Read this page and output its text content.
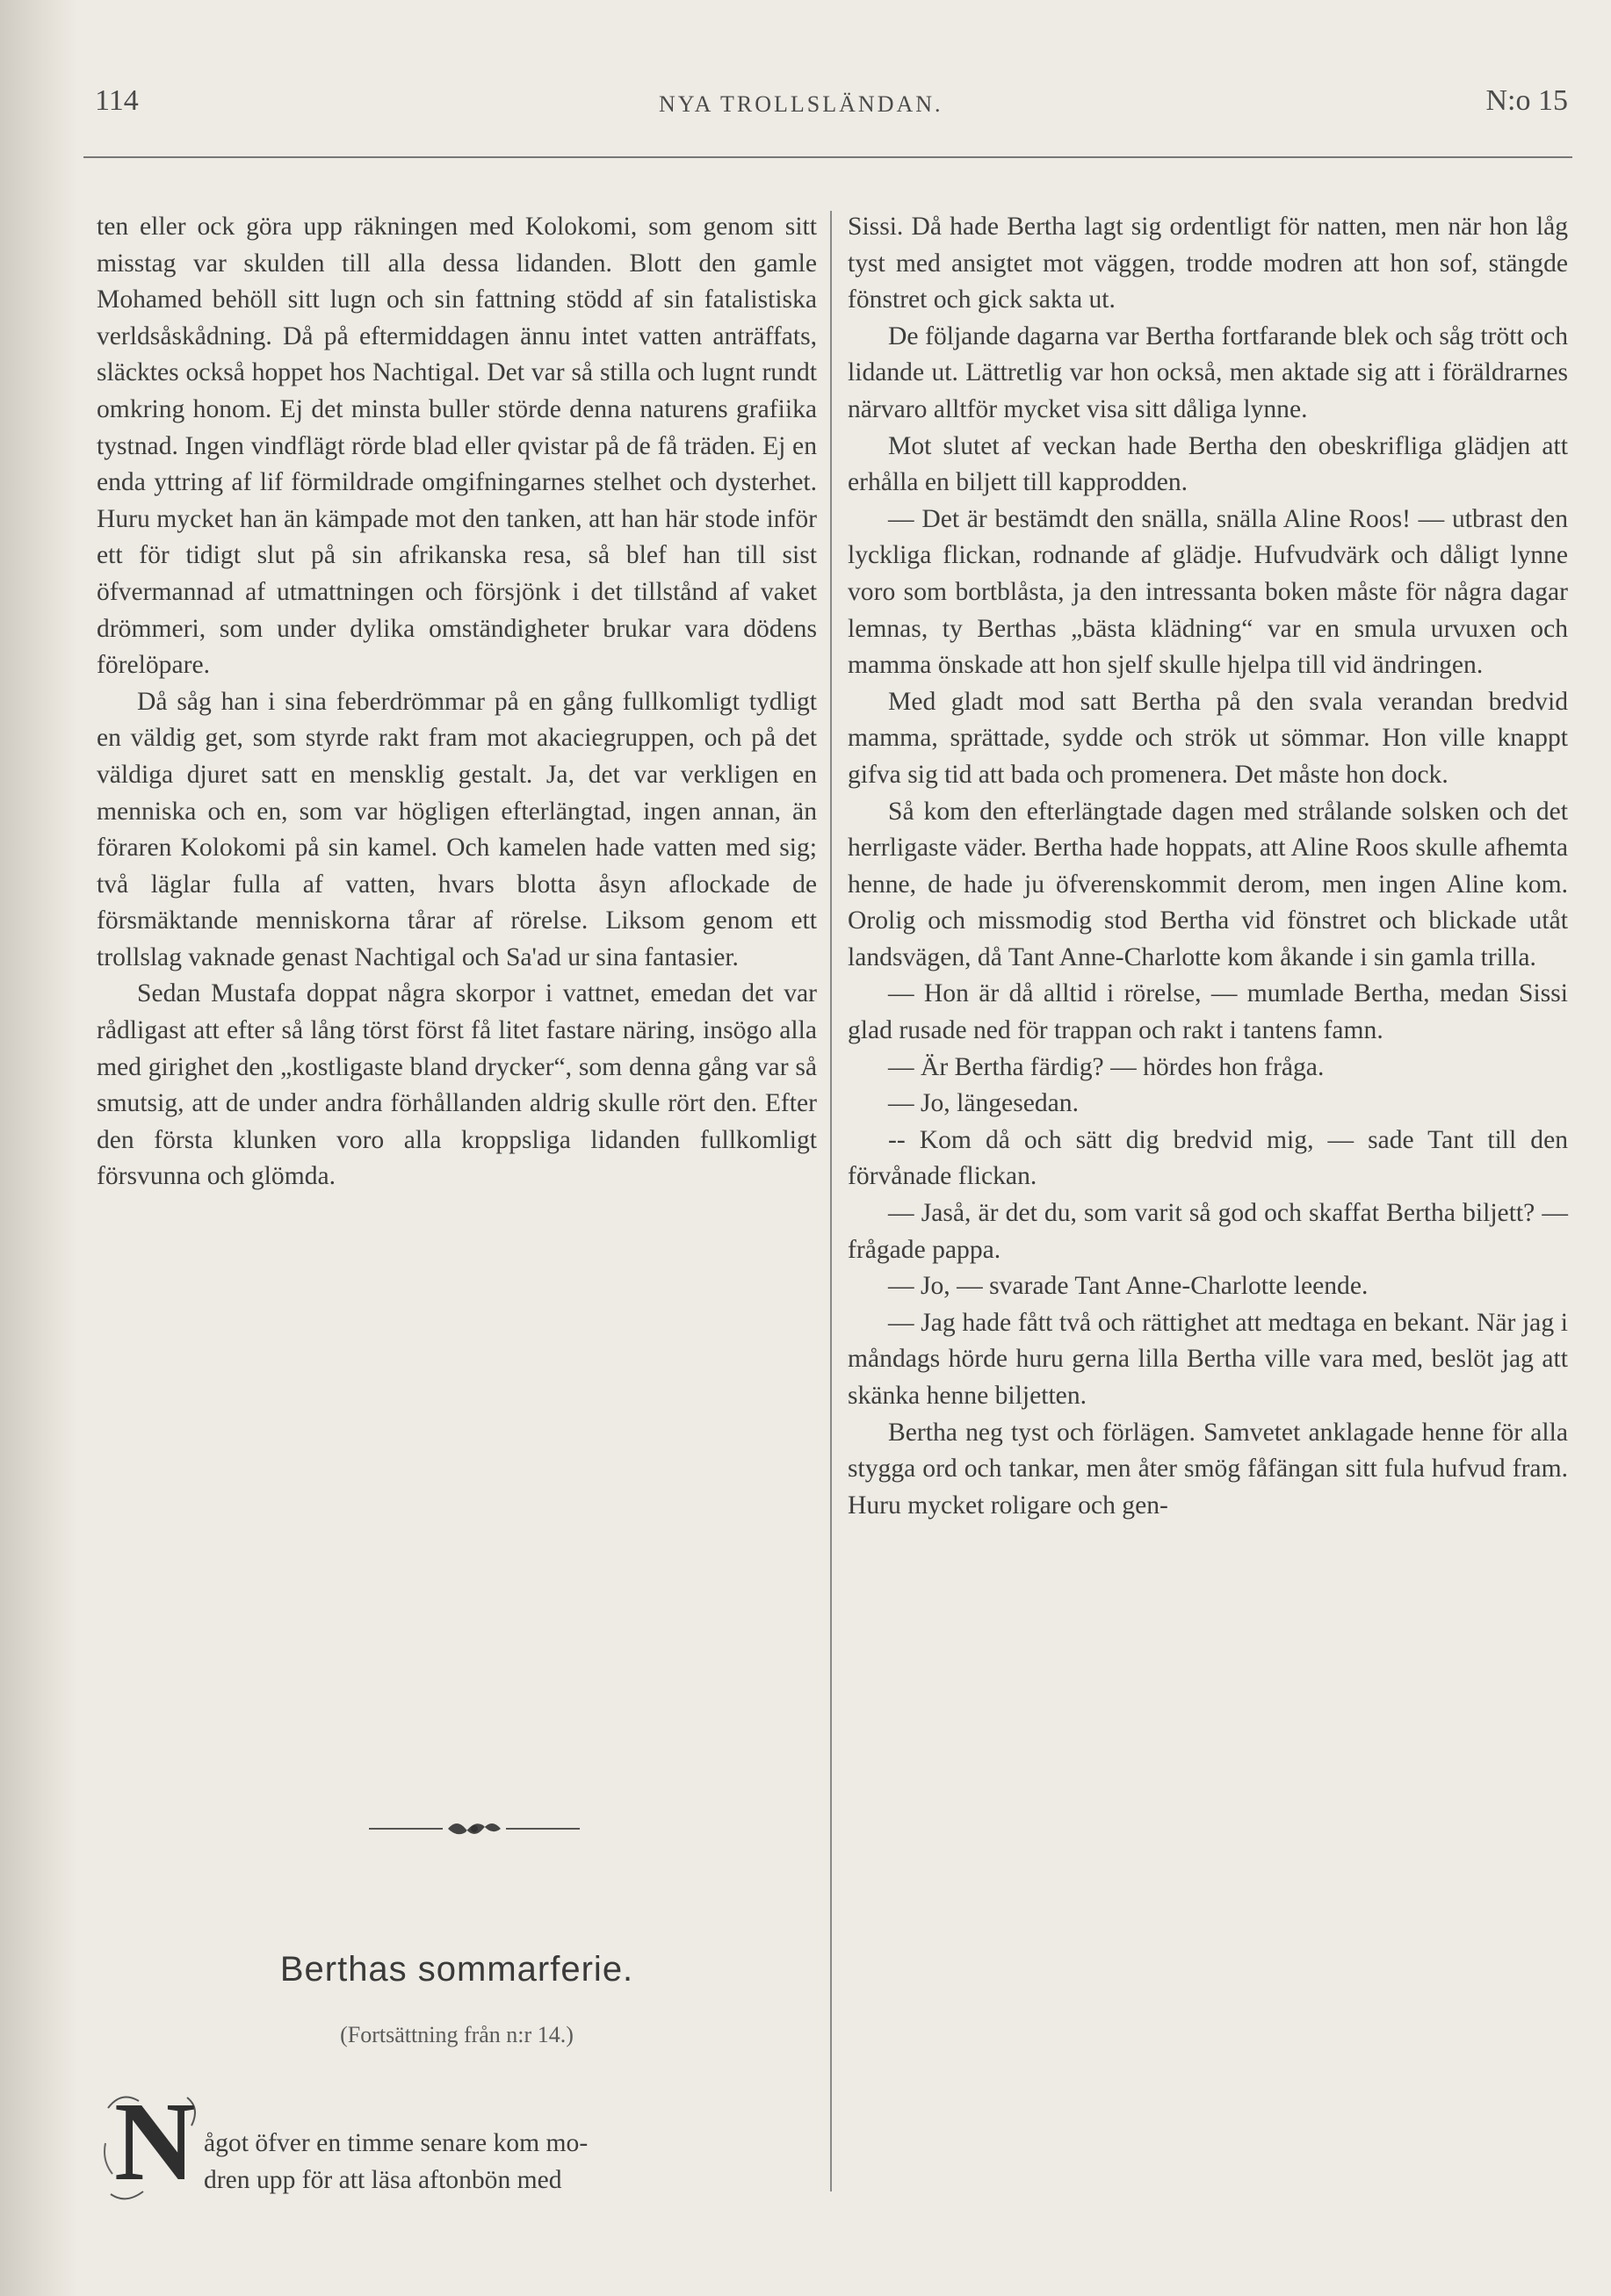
114	NYA TROLLSLÄNDAN.	N:o 15

ten eller ock göra upp räkningen med Kolokomi, som genom sitt misstag var skulden till alla dessa lidanden. Blott den gamle Mohamed behöll sitt lugn och sin fattning stödd af sin fatalistiska verldsåskådning. Då på eftermiddagen ännu intet vatten anträffats, släcktes också hoppet hos Nachtigal. Det var så stilla och lugnt rundt omkring honom. Ej det minsta buller störde denna naturens grafiika tystnad. Ingen vindflägt rörde blad eller qvistar på de få träden. Ej en enda yttring af lif förmildrade omgifningarnes stelhet och dysterhet. Huru mycket han än kämpade mot den tanken, att han här stode inför ett för tidigt slut på sin afrikanska resa, så blef han till sist öfvermannad af utmattningen och försjönk i det tillstånd af vaket drömmeri, som under dylika omständigheter brukar vara dödens förelöpare.

Då såg han i sina feberdrömmar på en gång fullkomligt tydligt en väldig get, som styrde rakt fram mot akaciegruppen, och på det väldiga djuret satt en mensklig gestalt. Ja, det var verkligen en menniska och en, som var högligen efterlängtad, ingen annan, än föraren Kolokomi på sin kamel. Och kamelen hade vatten med sig; två läglar fulla af vatten, hvars blotta åsyn aflockade de försmäktande menniskorna tårar af rörelse. Liksom genom ett trollslag vaknade genast Nachtigal och Sa'ad ur sina fantasier.

Sedan Mustafa doppat några skorpor i vattnet, emedan det var rådligast att efter så lång törst först få litet fastare näring, insögo alla med girighet den „kostligaste bland drycker“, som denna gång var så smutsig, att de under andra förhållanden aldrig skulle rört den. Efter den första klunken voro alla kroppsliga lidanden fullkomligt försvunna och glömda.

Berthas sommarferie.
(Fortsättning från n:r 14.)
N ågot öfver en timme senare kom mo-
dren upp för att läsa aftonbön med

Sissi. Då hade Bertha lagt sig ordentligt för natten, men när hon låg tyst med ansigtet mot väggen, trodde modren att hon sof, stängde fönstret och gick sakta ut.

De följande dagarna var Bertha fortfarande blek och såg trött och lidande ut. Lättretlig var hon också, men aktade sig att i föräldrarnes närvaro alltför mycket visa sitt dåliga lynne.

Mot slutet af veckan hade Bertha den obeskrifliga glädjen att erhålla en biljett till kapprodden.

— Det är bestämdt den snälla, snälla Aline Roos! — utbrast den lyckliga flickan, rodnande af glädje. Hufvudvärk och dåligt lynne voro som bortblåsta, ja den intressanta boken måste för några dagar lemnas, ty Berthas „bästa klädning“ var en smula urvuxen och mamma önskade att hon sjelf skulle hjelpa till vid ändringen.

Med gladt mod satt Bertha på den svala verandan bredvid mamma, sprättade, sydde och strök ut sömmar. Hon ville knappt gifva sig tid att bada och promenera. Det måste hon dock.

Så kom den efterlängtade dagen med strålande solsken och det herrligaste väder. Bertha hade hoppats, att Aline Roos skulle afhemta henne, de hade ju öfverenskommit derom, men ingen Aline kom. Orolig och missmodig stod Bertha vid fönstret och blickade utåt landsvägen, då Tant Anne-Charlotte kom åkande i sin gamla trilla.

— Hon är då alltid i rörelse, — mumlade Bertha, medan Sissi glad rusade ned för trappan och rakt i tantens famn.

— Är Bertha färdig? — hördes hon fråga.

— Jo, längesedan.

-- Kom då och sätt dig bredvid mig, — sade Tant till den förvånade flickan.

— Jaså, är det du, som varit så god och skaffat Bertha biljett? — frågade pappa.

— Jo, — svarade Tant Anne-Charlotte leende.

— Jag hade fått två och rättighet att medtaga en bekant. När jag i måndags hörde huru gerna lilla Bertha ville vara med, beslöt jag att skänka henne biljetten.

Bertha neg tyst och förlägen. Samvetet anklagade henne för alla stygga ord och tankar, men åter smög fåfängan sitt fula hufvud fram. Huru mycket roligare och gen-
